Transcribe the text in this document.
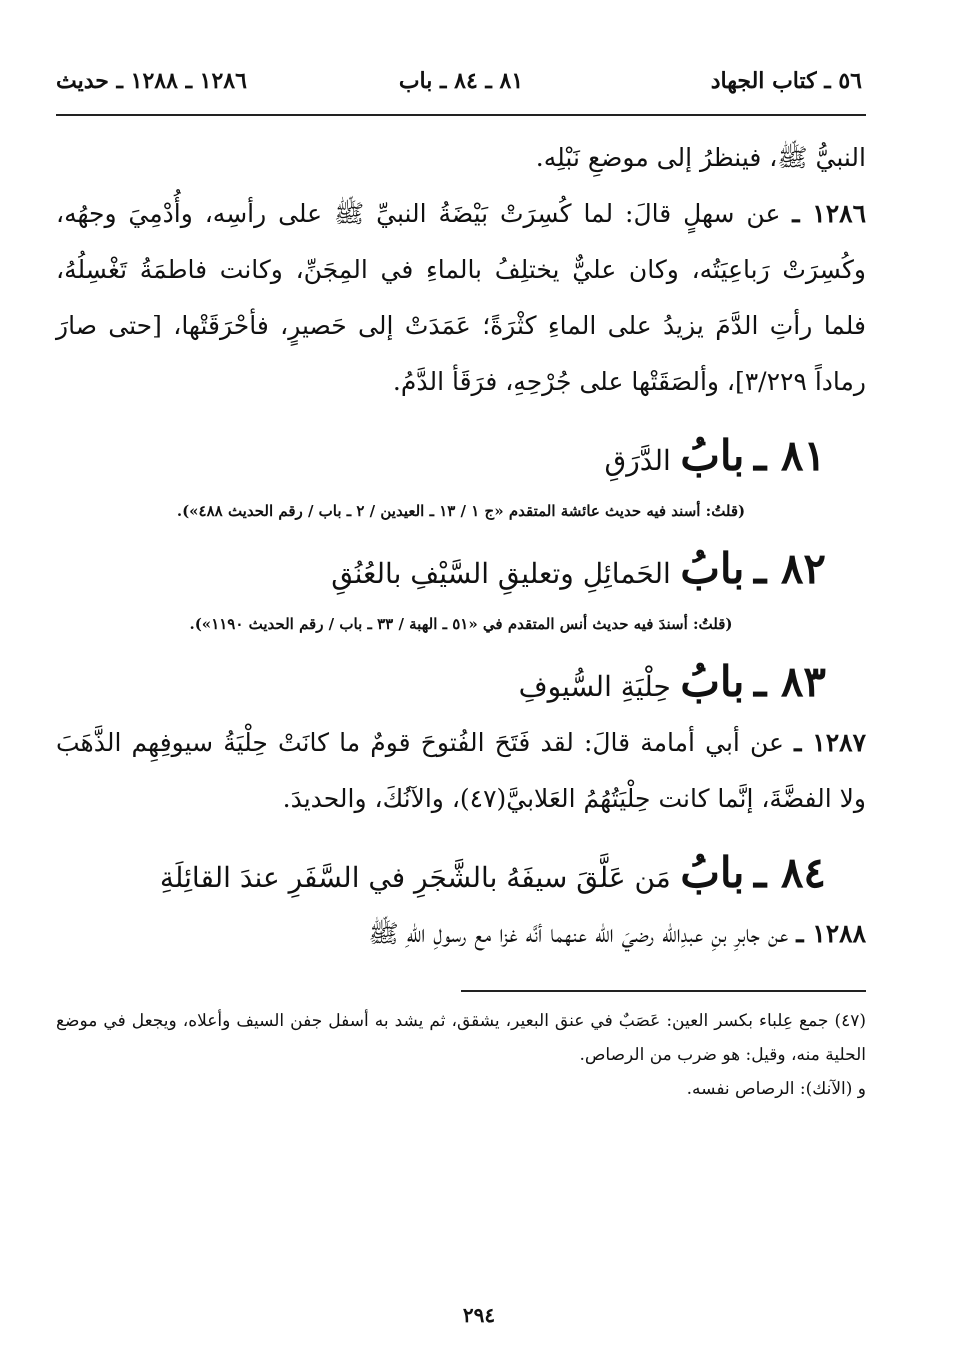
٥٦ ـ كتاب الجهاد
٨١ ـ ٨٤ ـ باب
١٢٨٦ ـ ١٢٨٨ ـ حديث

النبيُّ ﷺ، فينظرُ إلى موضعِ نَبْلِه.

١٢٨٦ ـ عن سهلٍ قالَ: لما كُسِرَتْ بَيْضَةُ النبيِّ ﷺ على رأسِه، وأُدْمِيَ وجهُه، وكُسِرَتْ رَباعِيَتُه، وكان عليٌّ يختلِفُ بالماءِ في المِجَنِّ، وكانت فاطمَةُ تَغْسِلُهُ، فلما رأتِ الدَّمَ يزيدُ على الماءِ كثْرَةً؛ عَمَدَتْ إلى حَصيرٍ، فأحْرَقَتْها، [حتى صارَ رماداً ٣/٢٢٩]، وألصَقَتْها على جُرْحِهِ، فرَقَأ الدَّمُ.

٨١ ـ بابُ الدَّرَقِ
(قلتُ: أسند فيه حديث عائشة المتقدم «ج ١ / ١٣ ـ العيدين / ٢ ـ باب / رقم الحديث ٤٨٨»).
٨٢ ـ بابُ الحَمائِلِ وتعليقِ السَّيْفِ بالعُنُقِ
(قلتُ: أسندَ فيه حديث أنس المتقدم في «٥١ ـ الهبة / ٣٣ ـ باب / رقم الحديث ١١٩٠»).
٨٣ ـ بابُ حِلْيَةِ السُّيوفِ

١٢٨٧ ـ عن أبي أمامة قالَ: لقد فَتَحَ الفُتوحَ قومٌ ما كانَتْ حِلْيَةُ سيوفِهِم الذَّهَبَ ولا الفضَّةَ، إنَّما كانت حِلْيَتُهُمُ العَلابيَّ(٤٧)، والآنُكَ، والحديدَ.

٨٤ ـ بابُ مَن عَلَّقَ سيفَهُ بالشَّجَرِ في السَّفَرِ عندَ القائِلَةِ

١٢٨٨ ـ عن جابرِ بنِ عبدِالله رضيَ الله عنهما أنَّه غزا مع رسولِ اللهِ ﷺ

(٤٧) جمع عِلباء بكسر العين: عَصَبٌ في عنق البعير، يشقق، ثم يشد به أسفل جفن السيف وأعلاه، ويجعل في موضع الحلية منه، وقيل: هو ضرب من الرصاص.

و (الآنك): الرصاص نفسه.

٢٩٤
